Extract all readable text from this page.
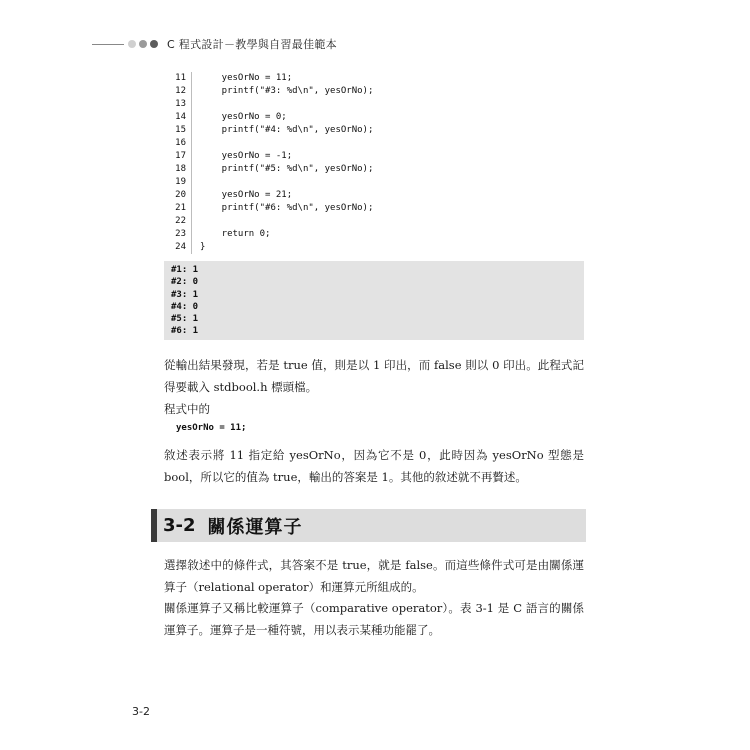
C 程式設計－教學與自習最佳範本
11	yesOrNo = 11;
12	printf("#3: %d\n", yesOrNo);
13
14	yesOrNo = 0;
15	printf("#4: %d\n", yesOrNo);
16
17	yesOrNo = -1;
18	printf("#5: %d\n", yesOrNo);
19
20	yesOrNo = 21;
21	printf("#6: %d\n", yesOrNo);
22
23	return 0;
24	}
#1: 1
#2: 0
#3: 1
#4: 0
#5: 1
#6: 1
從輸出結果發現，若是 true 值，則是以 1 印出，而 false 則以 0 印出。此程式記得要載入 stdbool.h 標頭檔。
程式中的
yesOrNo = 11;
敘述表示將 11 指定給 yesOrNo，因為它不是 0，此時因為 yesOrNo 型態是 bool，所以它的值為 true，輸出的答案是 1。其他的敘述就不再贅述。
3-2 關係運算子
選擇敘述中的條件式，其答案不是 true，就是 false。而這些條件式可是由關係運算子（relational operator）和運算元所組成的。
關係運算子又稱比較運算子（comparative operator）。表 3-1 是 C 語言的關係運算子。運算子是一種符號，用以表示某種功能罷了。
3-2
